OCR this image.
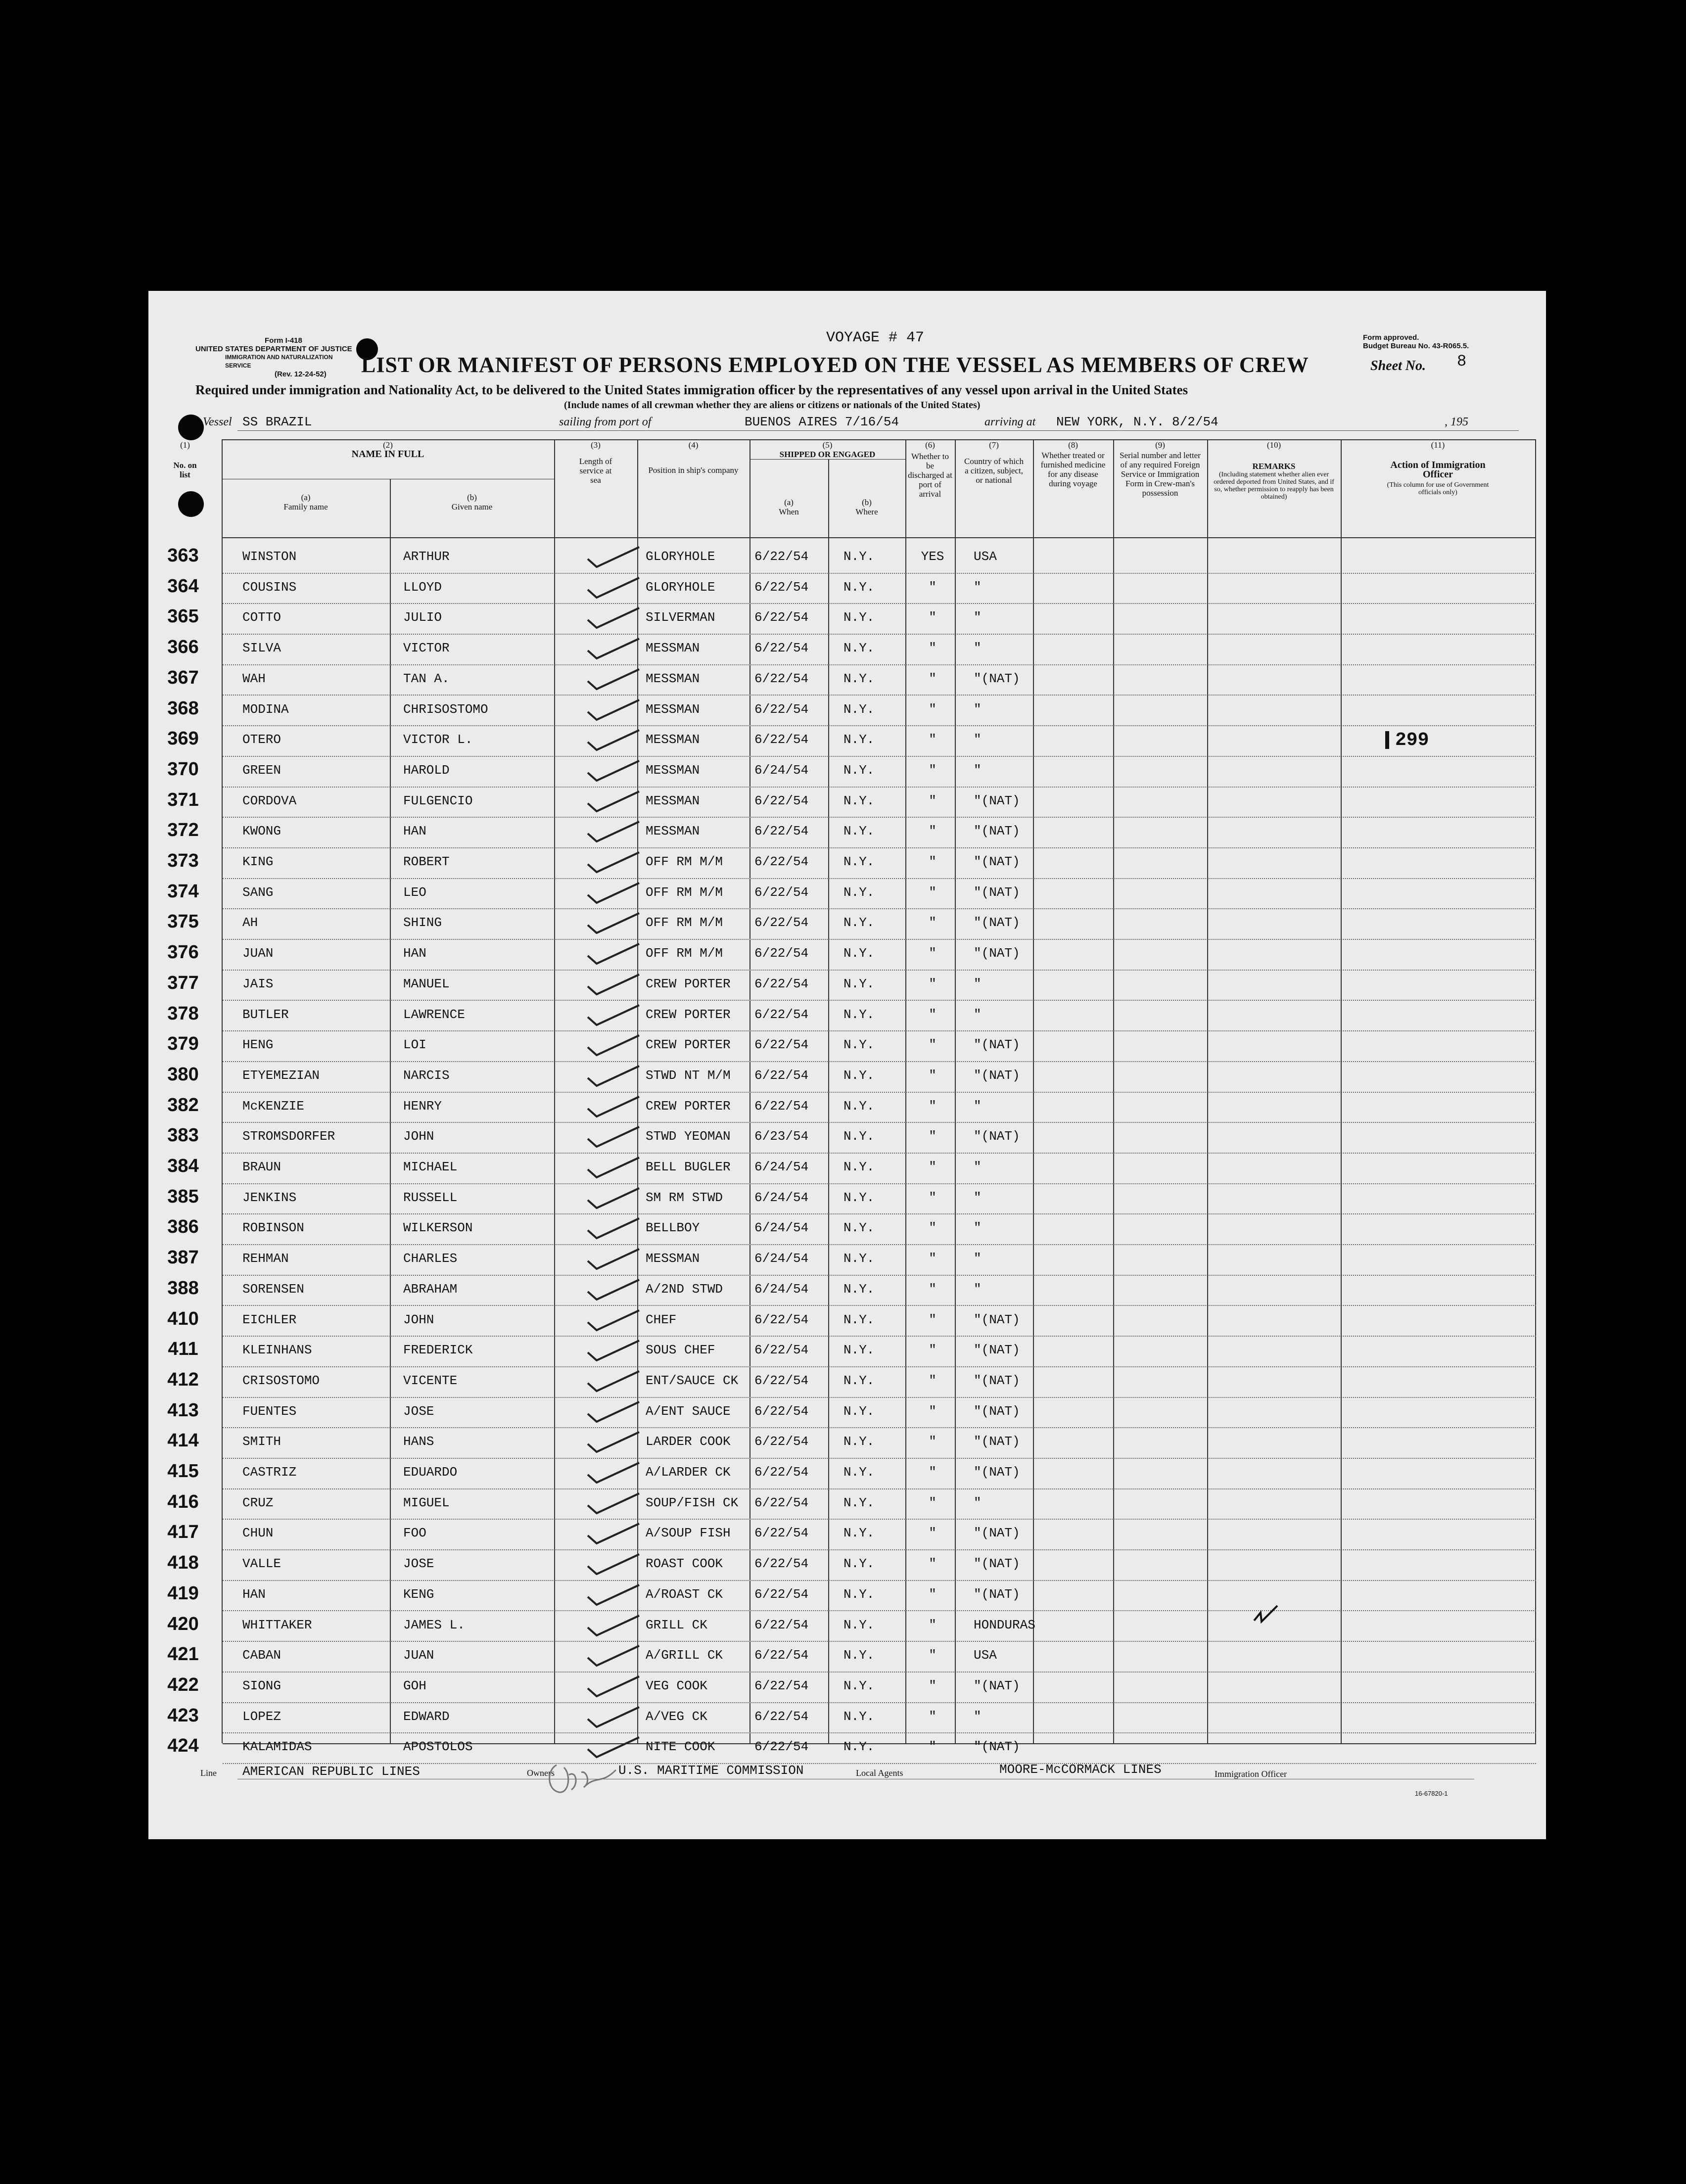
Form I-418
UNITED STATES DEPARTMENT OF JUSTICE
IMMIGRATION AND NATURALIZATION SERVICE
(Rev. 12-24-52)
VOYAGE # 47	Form approved.
Budget Bureau No. 43-R065.5.
LIST OR MANIFEST OF PERSONS EMPLOYED ON THE VESSEL AS MEMBERS OF CREW	Sheet No. 8
Required under immigration and Nationality Act, to be delivered to the United States immigration officer by the representatives of any vessel upon arrival in the United States
(Include names of all crewman whether they are aliens or citizens or nationals of the United States)
Vessel SS BRAZIL	sailing from port of	BUENOS AIRES 7/16/54	arriving at NEW YORK, N.Y. 8/2/54	, 195
(1)
No. on list
(2)
NAME IN FULL
(a)
Family name
(b)
Given name
(3)
Length of service at sea
(4)
Position in ship's company
(5)
SHIPPED OR ENGAGED
(a)
When
(b)
Where
(6)
Whether to be discharged at port of arrival
(7)
Country of which a citizen, subject, or national
(8)
Whether treated or furnished medicine for any disease during voyage
(9)
Serial number and letter of any required Foreign Service or Immigration Form in Crew-man's possession
(10)
REMARKS
(Including statement whether alien ever ordered deported from United States, and if so, whether permission to reapply has been obtained)
(11)
Action of Immigration Officer
(This column for use of Government officials only)
363	WINSTON	ARTHUR	GLORYHOLE	6/22/54	N.Y.	YES	USA
364	COUSINS	LLOYD	GLORYHOLE	6/22/54	N.Y.	"	"
365	COTTO	JULIO	SILVERMAN	6/22/54	N.Y.	"	"
366	SILVA	VICTOR	MESSMAN	6/22/54	N.Y.	"	"
367	WAH	TAN A.	MESSMAN	6/22/54	N.Y.	"	"(NAT)
368	MODINA	CHRISOSTOMO	MESSMAN	6/22/54	N.Y.	"	"
369	OTERO	VICTOR L.	MESSMAN	6/22/54	N.Y.	"	"
370	GREEN	HAROLD	MESSMAN	6/24/54	N.Y.	"	"
371	CORDOVA	FULGENCIO	MESSMAN	6/22/54	N.Y.	"	"(NAT)
372	KWONG	HAN	MESSMAN	6/22/54	N.Y.	"	"(NAT)
373	KING	ROBERT	OFF RM M/M 6/22/54	N.Y.	"	"(NAT)
374	SANG	LEO	OFF RM M/M 6/22/54	N.Y.	"	"(NAT)
375	AH	SHING	OFF RM M/M 6/22/54	N.Y.	"	"(NAT)
376	JUAN	HAN	OFF RM M/M 6/22/54	N.Y.	"	"(NAT)
377	JAIS	MANUEL	CREW PORTER 6/22/54	N.Y.	"	"
378	BUTLER	LAWRENCE	CREW PORTER 6/22/54	N.Y.	"	"
379	HENG	LOI	CREW PORTER 6/22/54	N.Y.	"	"(NAT)
380	ETYEMEZIAN	NARCIS	STWD NT M/M 6/22/54	N.Y.	"	"(NAT)
382	McKENZIE	HENRY	CREW PORTER 6/22/54	N.Y.	"	"
383	STROMSDORFER	JOHN	STWD YEOMAN 6/23/54	N.Y.	"	"(NAT)
384	BRAUN	MICHAEL	BELL BUGLER 6/24/54	N.Y.	"	"
385	JENKINS	RUSSELL	SM RM STWD 6/24/54	N.Y.	"	"
386	ROBINSON	WILKERSON	BELLBOY	6/24/54	N.Y.	"	"
387	REHMAN	CHARLES	MESSMAN	6/24/54	N.Y.	"	"
388	SORENSEN	ABRAHAM	A/2ND STWD 6/24/54	N.Y.	"	"
410	EICHLER	JOHN	CHEF	6/22/54	N.Y.	"	"(NAT)
411	KLEINHANS	FREDERICK	SOUS CHEF	6/22/54	N.Y.	"	"(NAT)
412	CRISOSTOMO	VICENTE	ENT/SAUCE CK 6/22/54	N.Y.	"	"(NAT)
413	FUENTES	JOSE	A/ENT SAUCE 6/22/54	N.Y.	"	"(NAT)
414	SMITH	HANS	LARDER COOK 6/22/54	N.Y.	"	"(NAT)
415	CASTRIZ	EDUARDO	A/LARDER CK 6/22/54	N.Y.	"	"(NAT)
416	CRUZ	MIGUEL	SOUP/FISH CK 6/22/54	N.Y.	"	"
417	CHUN	FOO	A/SOUP FISH 6/22/54	N.Y.	"	"(NAT)
418	VALLE	JOSE	ROAST COOK 6/22/54	N.Y.	"	"(NAT)
419	HAN	KENG	A/ROAST CK 6/22/54	N.Y.	"	"(NAT)
420	WHITTAKER	JAMES L.	GRILL CK	6/22/54	N.Y.	"	HONDURAS
421	CABAN	JUAN	A/GRILL CK 6/22/54	N.Y.	"	USA
422	SIONG	GOH	VEG COOK	6/22/54	N.Y.	"	"(NAT)
423	LOPEZ	EDWARD	A/VEG CK	6/22/54	N.Y.	"	"
424	KALAMIDAS	APOSTOLOS	NITE COOK	6/22/54	N.Y.	"	"(NAT)
299
Line AMERICAN REPUBLIC LINES	Owners	U.S. MARITIME COMMISSION	Local Agents	MOORE-McCORMACK LINES	Immigration Officer
16-67820-1
